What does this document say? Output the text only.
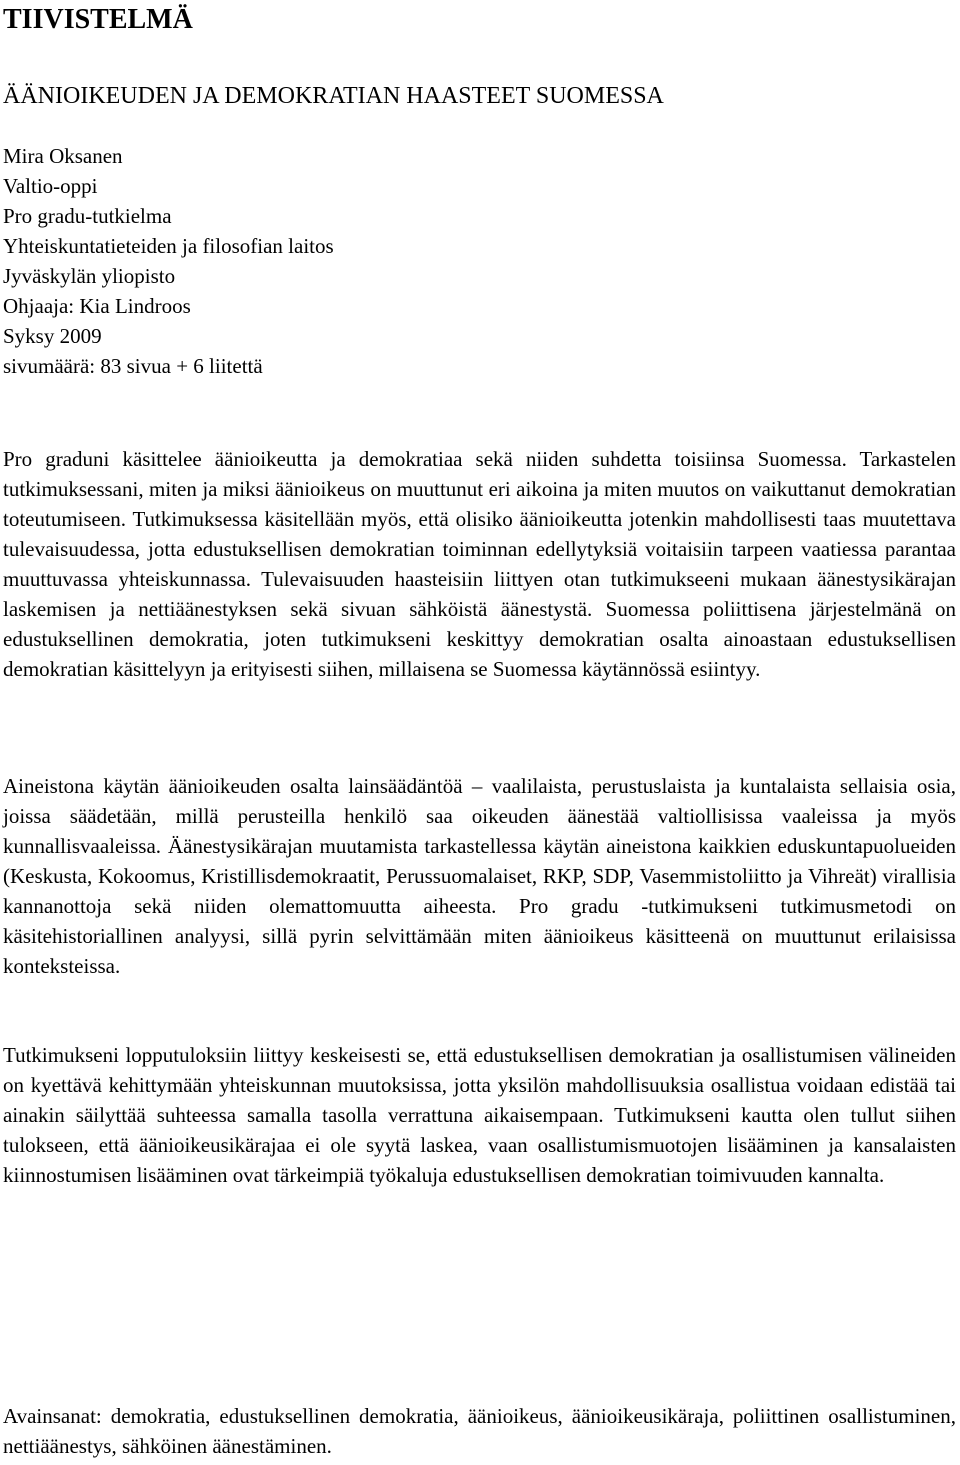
TIIVISTELMÄ
ÄÄNIOIKEUDEN JA DEMOKRATIAN HAASTEET SUOMESSA
Mira Oksanen
Valtio-oppi
Pro gradu-tutkielma
Yhteiskuntatieteiden ja filosofian laitos
Jyväskylän yliopisto
Ohjaaja: Kia Lindroos
Syksy 2009
sivumäärä: 83 sivua + 6 liitettä

Pro graduni käsittelee äänioikeutta ja demokratiaa sekä niiden suhdetta toisiinsa Suomessa. Tarkastelen tutkimuksessani, miten ja miksi äänioikeus on muuttunut eri aikoina ja miten muutos on vaikuttanut demokratian toteutumiseen. Tutkimuksessa käsitellään myös, että olisiko äänioikeutta jotenkin mahdollisesti taas muutettava tulevaisuudessa, jotta edustuksellisen demokratian toiminnan edellytyksiä voitaisiin tarpeen vaatiessa parantaa muuttuvassa yhteiskunnassa. Tulevaisuuden haasteisiin liittyen otan tutkimukseeni mukaan äänestysikärajan laskemisen ja nettiäänestyksen sekä sivuan sähköistä äänestystä. Suomessa poliittisena järjestelmänä on edustuksellinen demokratia, joten tutkimukseni keskittyy demokratian osalta ainoastaan edustuksellisen demokratian käsittelyyn ja erityisesti siihen, millaisena se Suomessa käytännössä esiintyy.

Aineistona käytän äänioikeuden osalta lainsäädäntöä – vaalilaista, perustuslaista ja kuntalaista sellaisia osia, joissa säädetään, millä perusteilla henkilö saa oikeuden äänestää valtiollisissa vaaleissa ja myös kunnallisvaaleissa. Äänestysikärajan muutamista tarkastellessa käytän aineistona kaikkien eduskuntapuolueiden (Keskusta, Kokoomus, Kristillisdemokraatit, Perussuomalaiset, RKP, SDP, Vasemmistoliitto ja Vihreät) virallisia kannanottoja sekä niiden olemattomuutta aiheesta. Pro gradu -tutkimukseni tutkimusmetodi on käsitehistoriallinen analyysi, sillä pyrin selvittämään miten äänioikeus käsitteenä on muuttunut erilaisissa konteksteissa.

Tutkimukseni lopputuloksiin liittyy keskeisesti se, että edustuksellisen demokratian ja osallistumisen välineiden on kyettävä kehittymään yhteiskunnan muutoksissa, jotta yksilön mahdollisuuksia osallistua voidaan edistää tai ainakin säilyttää suhteessa samalla tasolla verrattuna aikaisempaan. Tutkimukseni kautta olen tullut siihen tulokseen, että äänioikeusikärajaa ei ole syytä laskea, vaan osallistumismuotojen lisääminen ja kansalaisten kiinnostumisen lisääminen ovat tärkeimpiä työkaluja edustuksellisen demokratian toimivuuden kannalta.

Avainsanat: demokratia, edustuksellinen demokratia, äänioikeus, äänioikeusikäraja, poliittinen osallistuminen, nettiäänestys, sähköinen äänestäminen.
